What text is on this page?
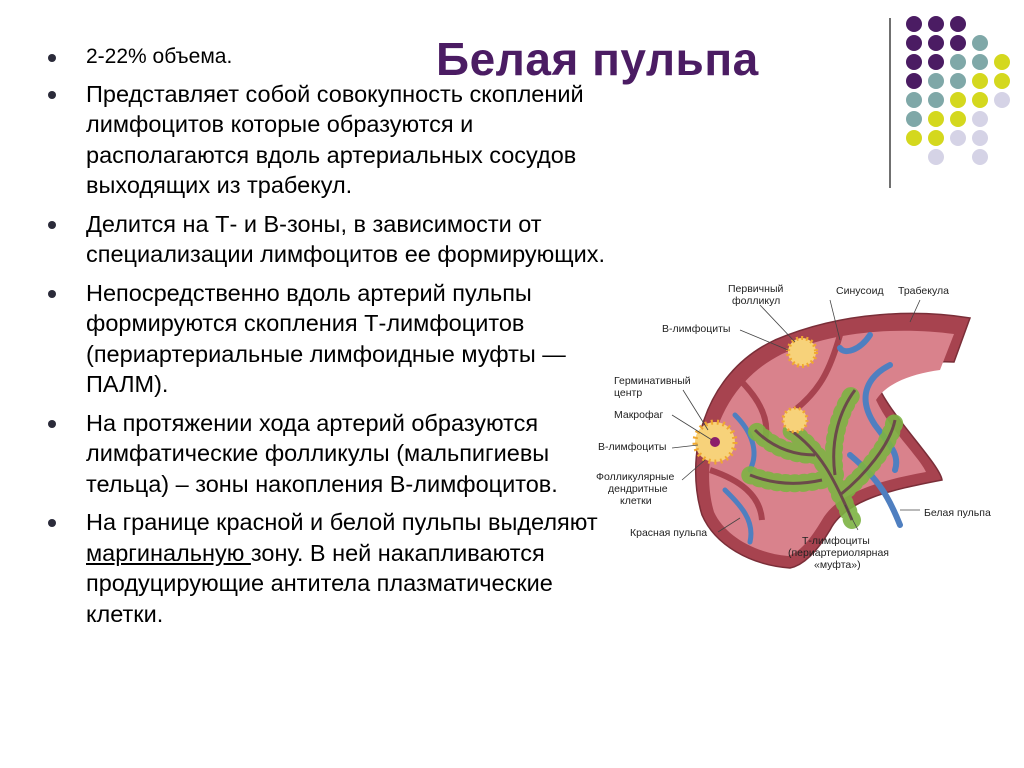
Белая пульпа
2-22% объема.
Представляет собой совокупность скоплений лимфоцитов которые образуются и располагаются вдоль артериальных сосудов выходящих из трабекул.
Делится на Т- и В-зоны, в зависимости от специализации лимфоцитов ее формирующих.
Непосредственно вдоль артерий пульпы формируются скопления Т-лимфоцитов (периартериальные лимфоидные муфты — ПАЛМ).
На протяжении хода артерий образуются лимфатические фолликулы (мальпигиевы тельца) – зоны накопления В-лимфоцитов.
На границе красной и белой пульпы выделяют маргинальную зону. В ней накапливаются продуцирующие антитела плазматические клетки.
Первичный
фолликул
Синусоид Трабекула
В-лимфоциты
Герминативный
центр
Макрофаг
В-лимфоциты
Фолликулярные
дендритные
клетки
Красная пульпа
Белая пульпа
Т-лимфоциты
(периартериолярная
«муфта»)
